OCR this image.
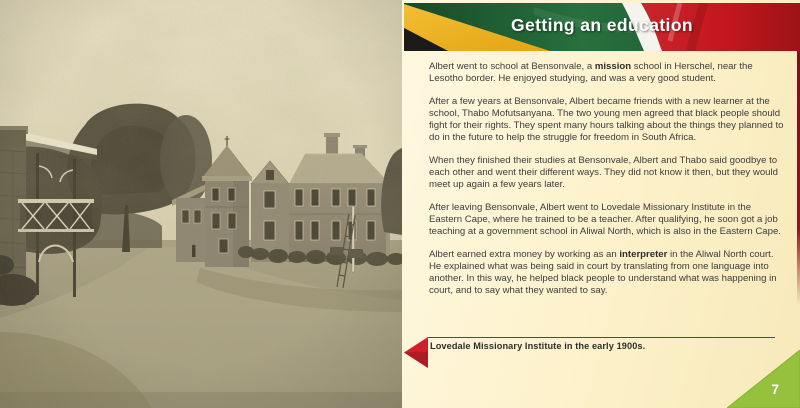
Getting an education

Albert went to school at Bensonvale, a mission school in Herschel, near the Lesotho border. He enjoyed studying, and was a very good student.

After a few years at Bensonvale, Albert became friends with a new learner at the school, Thabo Mofutsanyana. The two young men agreed that black people should fight for their rights. They spent many hours talking about the things they planned to do in the future to help the struggle for freedom in South Africa.

When they finished their studies at Bensonvale, Albert and Thabo said goodbye to each other and went their different ways. They did not know it then, but they would meet up again a few years later.

After leaving Bensonvale, Albert went to Lovedale Missionary Institute in the Eastern Cape, where he trained to be a teacher. After qualifying, he soon got a job teaching at a government school in Aliwal North, which is also in the Eastern Cape.

Albert earned extra money by working as an interpreter in the Aliwal North court. He explained what was being said in court by translating from one language into another. In this way, he helped black people to understand what was happening in court, and to say what they wanted to say.

Lovedale Missionary Institute in the early 1900s.
7
